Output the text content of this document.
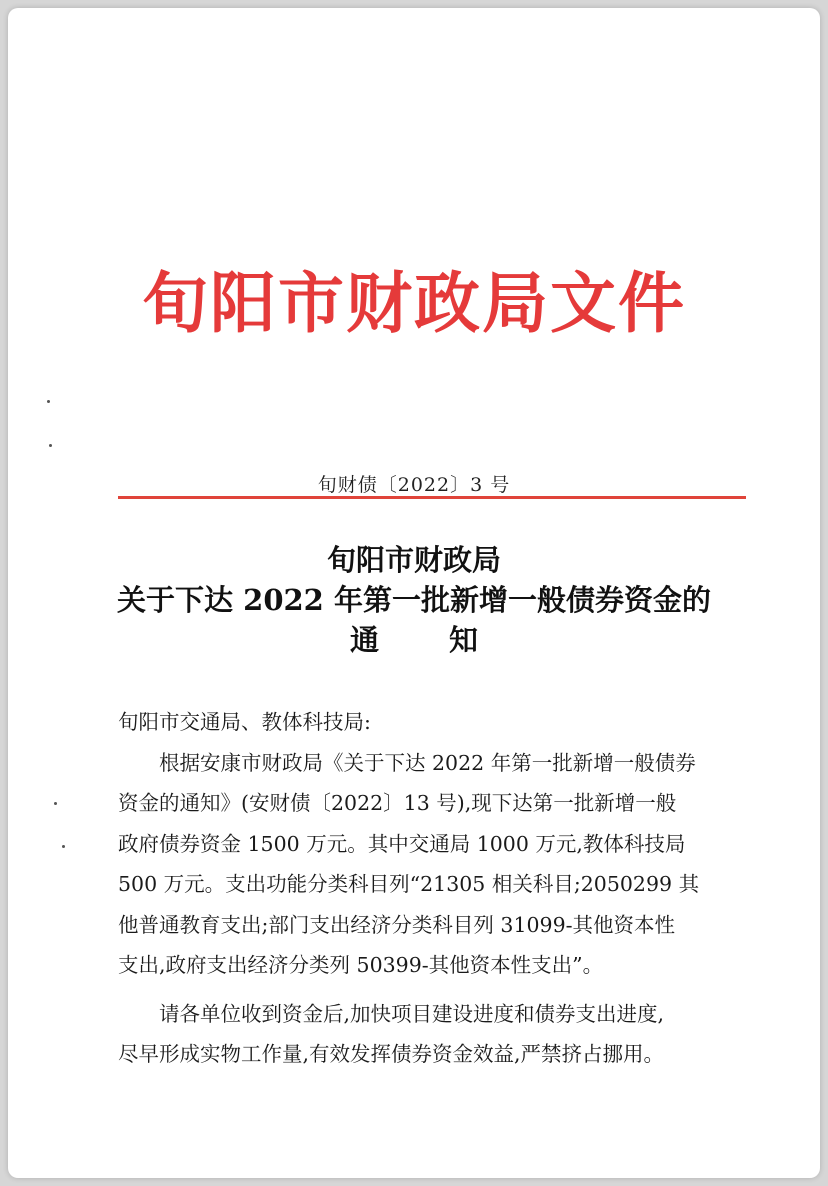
旬阳市财政局文件
旬财债〔2022〕3 号
旬阳市财政局
关于下达 2022 年第一批新增一般债券资金的
通 知
旬阳市交通局、教体科技局:
根据安康市财政局《关于下达 2022 年第一批新增一般债券
资金的通知》(安财债〔2022〕13 号),现下达第一批新增一般
政府债券资金 1500 万元。其中交通局 1000 万元,教体科技局
500 万元。支出功能分类科目列“21305 相关科目;2050299 其
他普通教育支出;部门支出经济分类科目列 31099-其他资本性
支出,政府支出经济分类列 50399-其他资本性支出”。
请各单位收到资金后,加快项目建设进度和债券支出进度,
尽早形成实物工作量,有效发挥债券资金效益,严禁挤占挪用。
